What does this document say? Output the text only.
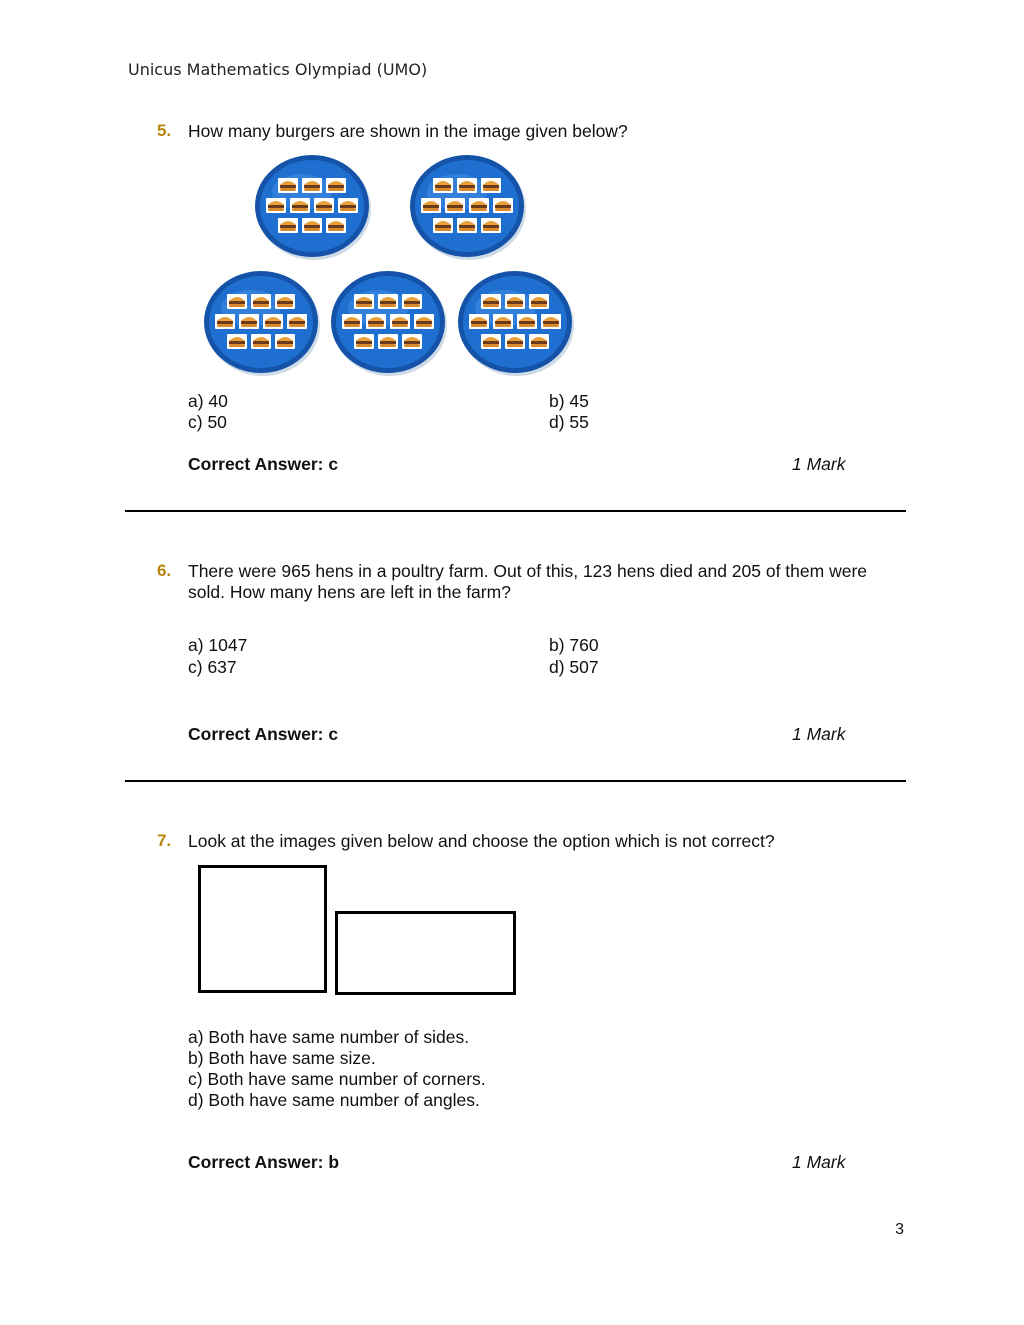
Unicus Mathematics Olympiad (UMO)
5. How many burgers are shown in the image given below?
a) 40	b) 45
c) 50	d) 55
Correct Answer: c	1 Mark
6. There were 965 hens in a poultry farm. Out of this, 123 hens died and 205 of them were
sold. How many hens are left in the farm?
a) 1047	b) 760
c) 637	d) 507
Correct Answer: c	1 Mark
7. Look at the images given below and choose the option which is not correct?
a) Both have same number of sides.
b) Both have same size.
c) Both have same number of corners.
d) Both have same number of angles.
Correct Answer: b	1 Mark
3
